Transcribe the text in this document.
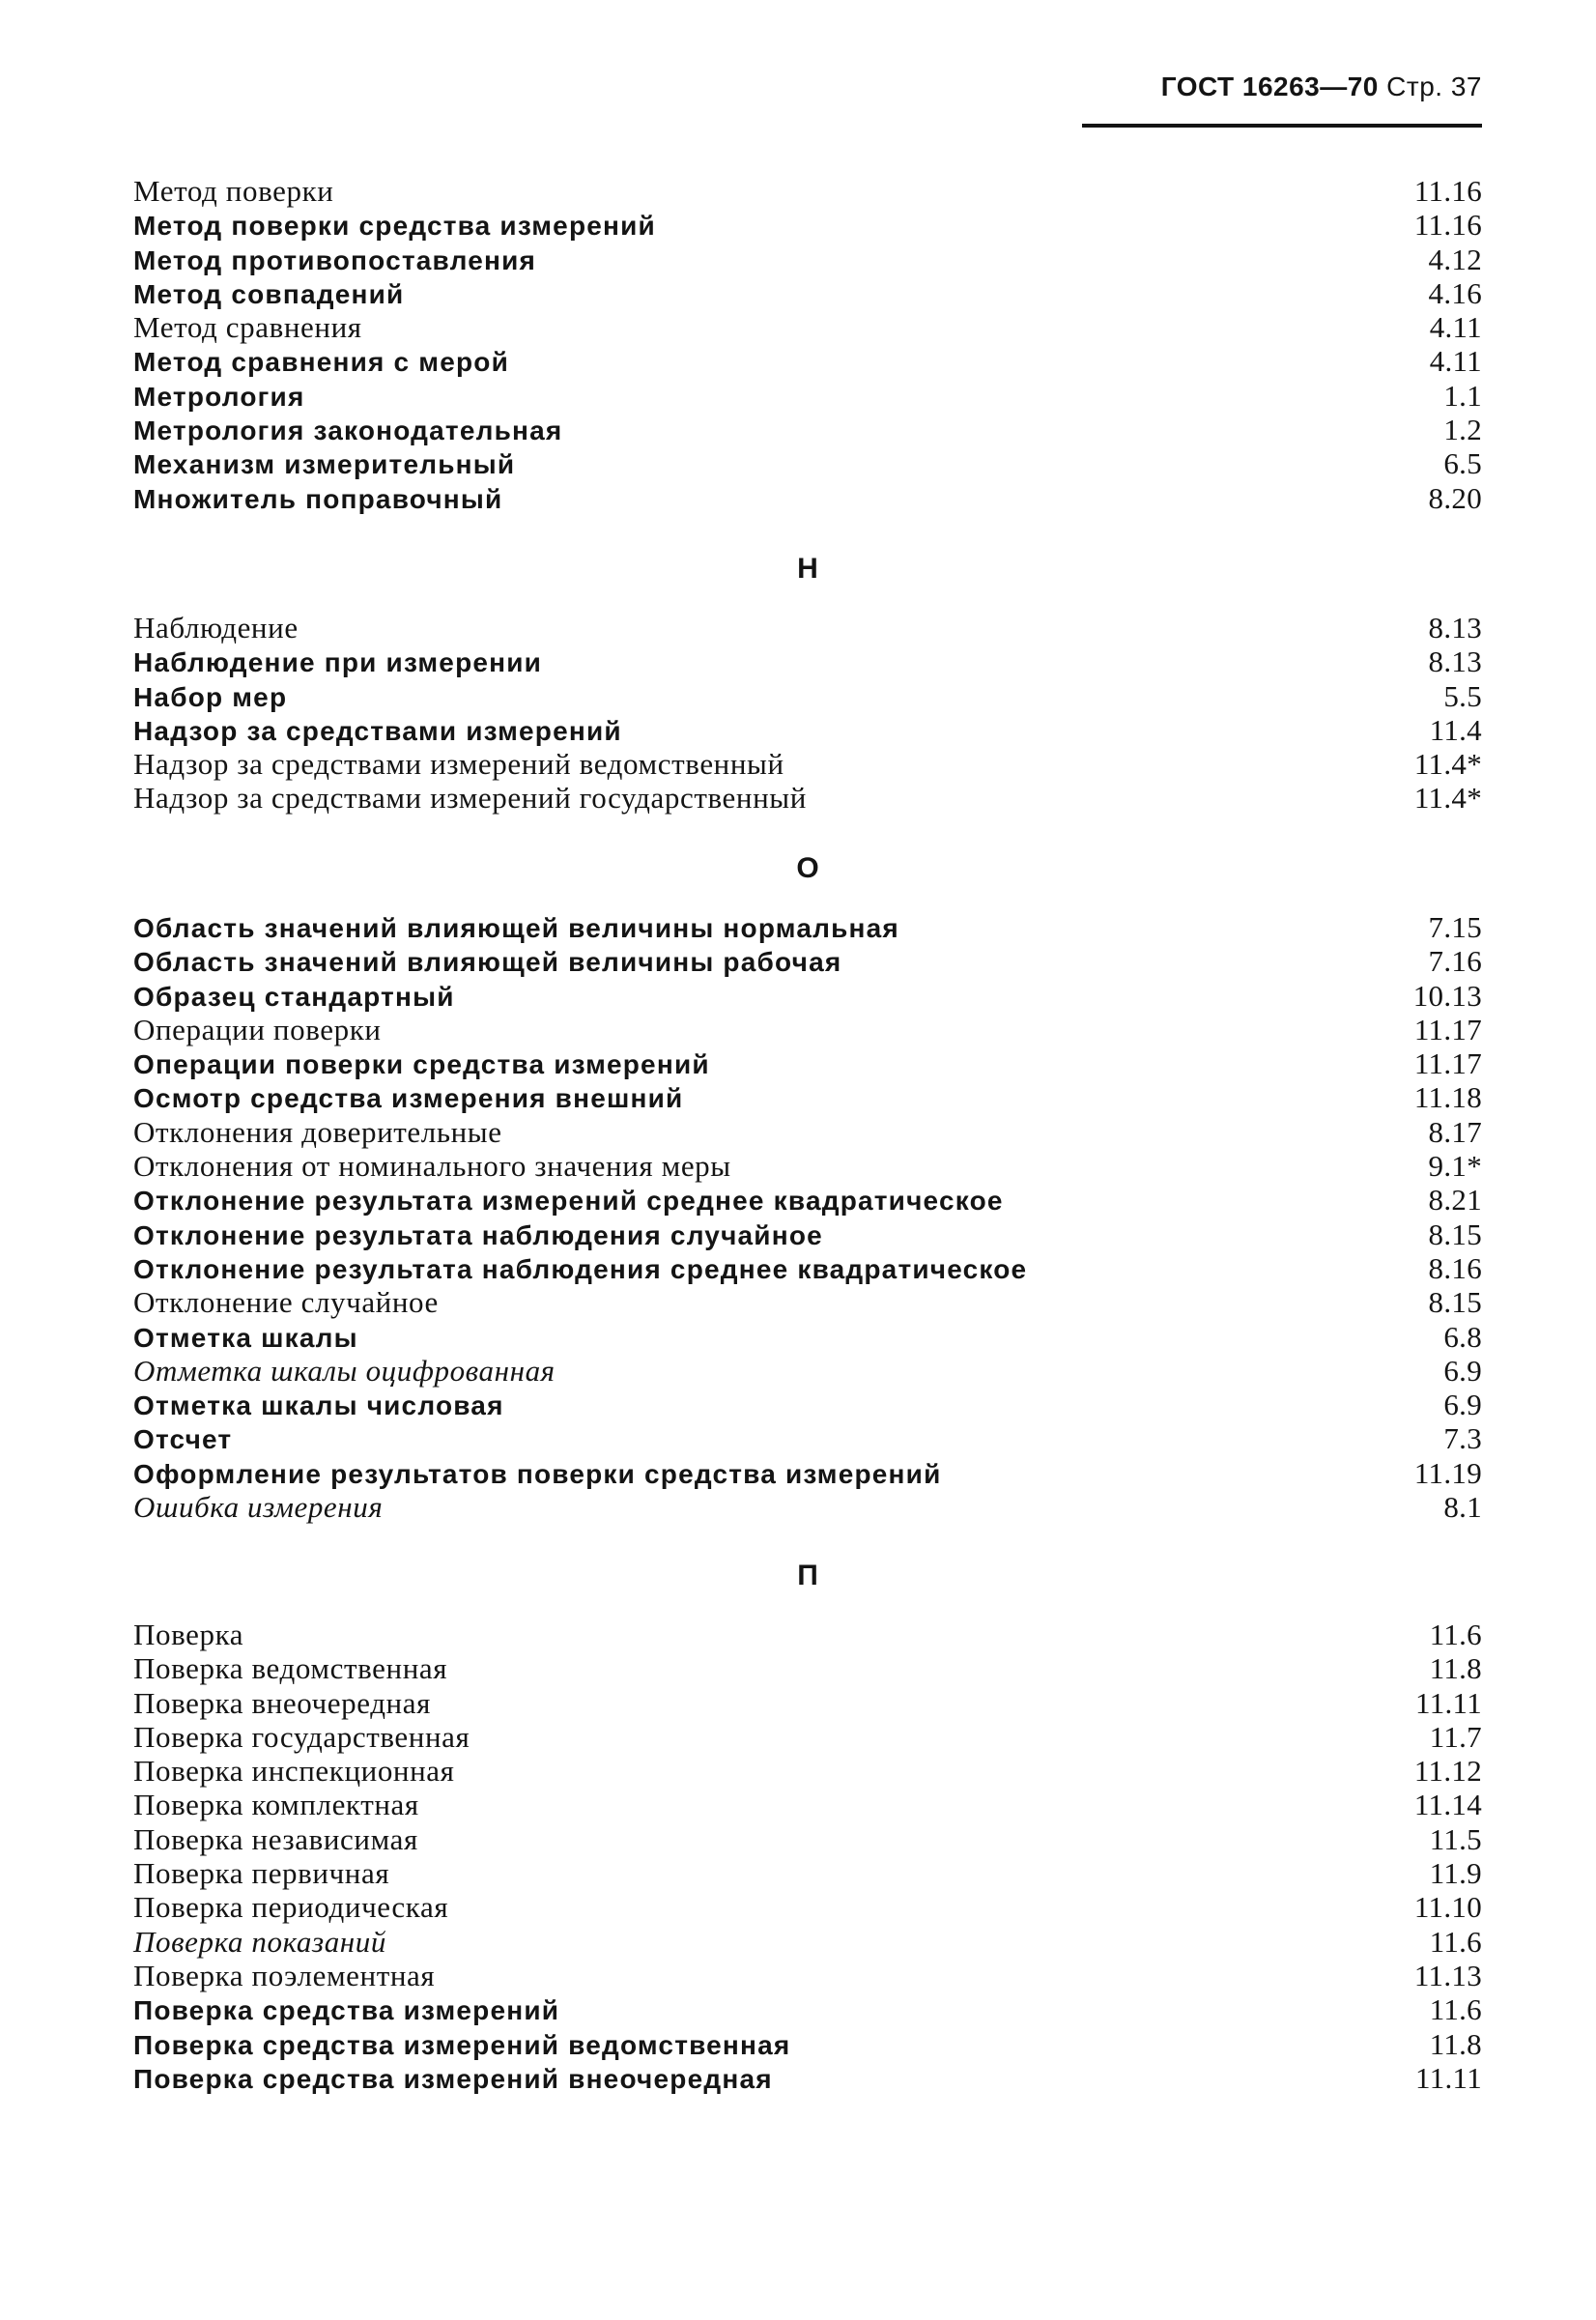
ГОСТ 16263—70 Стр. 37
Метод поверки	11.16
Метод поверки средства измерений	11.16
Метод противопоставления	4.12
Метод совпадений	4.16
Метод сравнения	4.11
Метод сравнения с мерой	4.11
Метрология	1.1
Метрология законодательная	1.2
Механизм измерительный	6.5
Множитель поправочный	8.20
Н
Наблюдение	8.13
Наблюдение при измерении	8.13
Набор мер	5.5
Надзор за средствами измерений	11.4
Надзор за средствами измерений ведомственный	11.4*
Надзор за средствами измерений государственный	11.4*
О
Область значений влияющей величины нормальная	7.15
Область значений влияющей величины рабочая	7.16
Образец стандартный	10.13
Операции поверки	11.17
Операции поверки средства измерений	11.17
Осмотр средства измерения внешний	11.18
Отклонения доверительные	8.17
Отклонения от номинального значения меры	9.1*
Отклонение результата измерений среднее квадратическое	8.21
Отклонение результата наблюдения случайное	8.15
Отклонение результата наблюдения среднее квадратическое	8.16
Отклонение случайное	8.15
Отметка шкалы	6.8
Отметка шкалы оцифрованная	6.9
Отметка шкалы числовая	6.9
Отсчет	7.3
Оформление результатов поверки средства измерений	11.19
Ошибка измерения	8.1
П
Поверка	11.6
Поверка ведомственная	11.8
Поверка внеочередная	11.11
Поверка государственная	11.7
Поверка инспекционная	11.12
Поверка комплектная	11.14
Поверка независимая	11.5
Поверка первичная	11.9
Поверка периодическая	11.10
Поверка показаний	11.6
Поверка поэлементная	11.13
Поверка средства измерений	11.6
Поверка средства измерений ведомственная	11.8
Поверка средства измерений внеочередная	11.11
